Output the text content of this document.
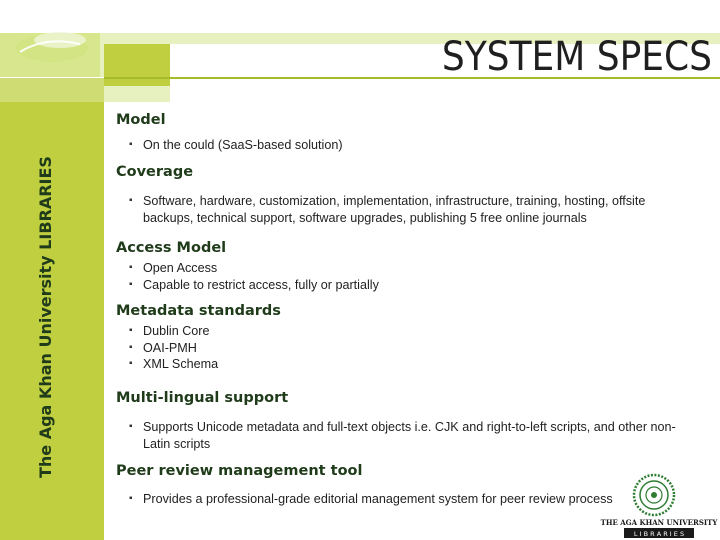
SYSTEM SPECS
The Aga Khan University LIBRARIES
Model
▪ On the could (SaaS-based solution)
Coverage
▪ Software, hardware, customization, implementation, infrastructure, training, hosting, offsite backups, technical support, software upgrades, publishing 5 free online journals
Access Model
▪ Open Access
▪ Capable to restrict access, fully or partially
Metadata standards
▪ Dublin Core
▪ OAI-PMH
▪ XML Schema
Multi-lingual support
▪ Supports Unicode metadata and full-text objects i.e. CJK and right-to-left scripts, and other non-Latin scripts
Peer review management tool
▪ Provides a professional-grade editorial management system for peer review process
THE AGA KHAN UNIVERSITY
L I B R A R I E S
